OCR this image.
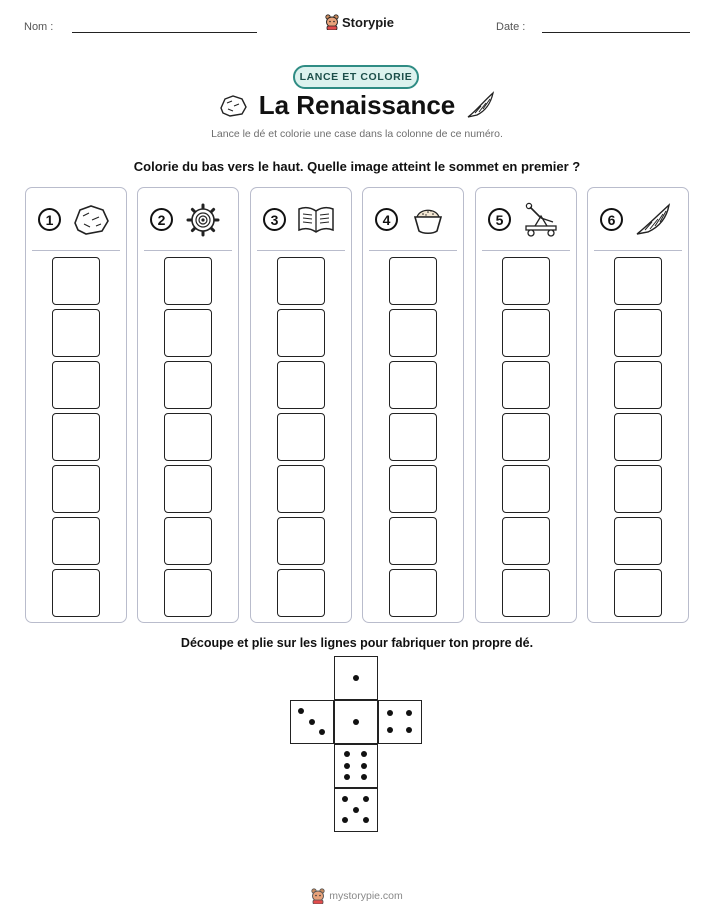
Nom :	Storypie	Date :
LANCE ET COLORIE
La Renaissance
Lance le dé et colorie une case dans la colonne de ce numéro.
Colorie du bas vers le haut. Quelle image atteint le sommet en premier ?
1	2	3	4	5	6
Découpe et plie sur les lignes pour fabriquer ton propre dé.
mystorypie.com
